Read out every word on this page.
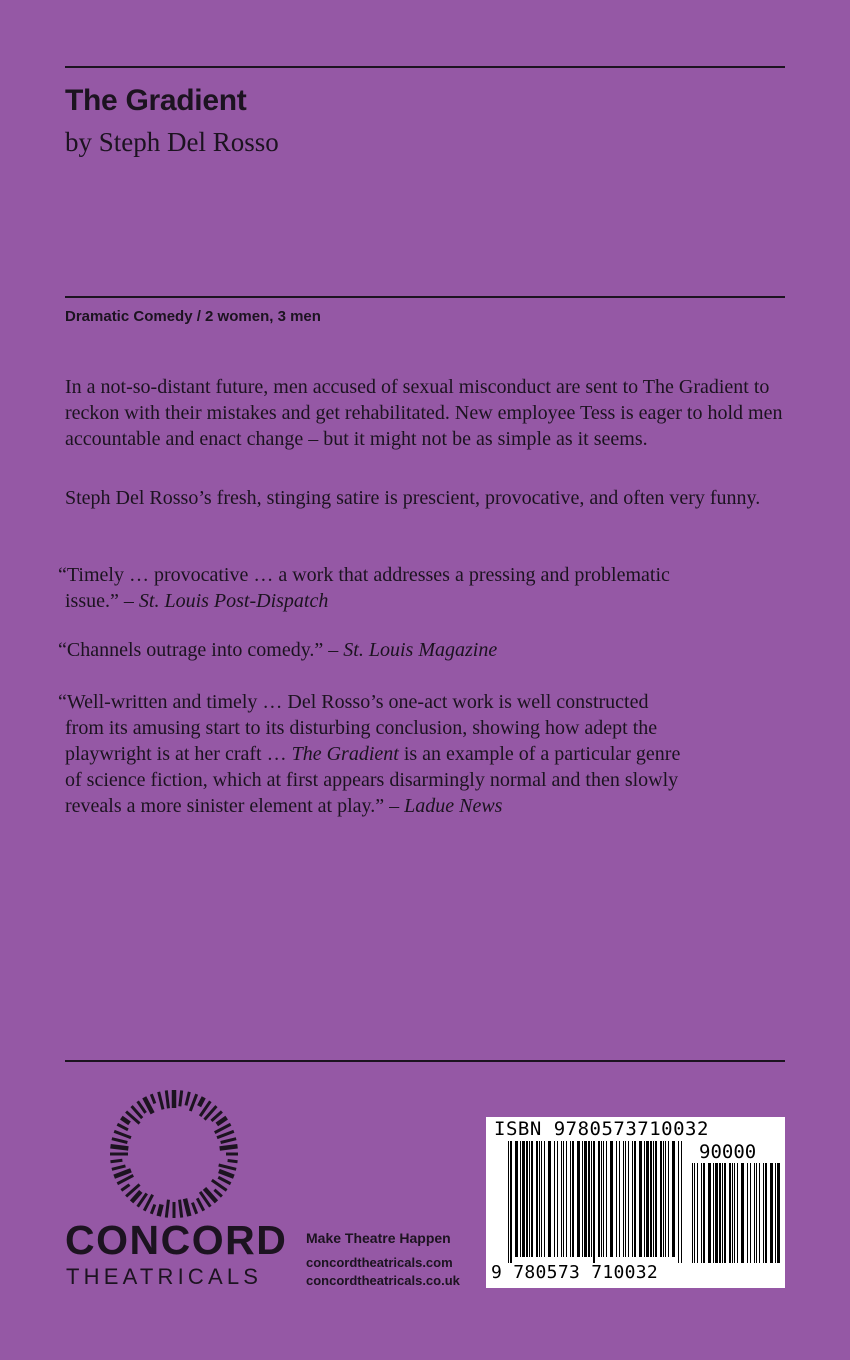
The Gradient

by Steph Del Rosso

Dramatic Comedy / 2 women, 3 men

In a not-so-distant future, men accused of sexual misconduct are sent to The Gradient to reckon with their mistakes and get rehabilitated. New employee Tess is eager to hold men accountable and enact change – but it might not be as simple as it seems.

Steph Del Rosso’s fresh, stinging satire is prescient, provocative, and often very funny.

“Timely … provocative … a work that addresses a pressing and problematic
issue.” – St. Louis Post-Dispatch

“Channels outrage into comedy.” – St. Louis Magazine

“Well-written and timely … Del Rosso’s one-act work is well constructed
from its amusing start to its disturbing conclusion, showing how adept the
playwright is at her craft … The Gradient is an example of a particular genre
of science fiction, which at first appears disarmingly normal and then slowly
reveals a more sinister element at play.” – Ladue News

CONCORD

THEATRICALS

Make Theatre Happen

concordtheatricals.com

concordtheatricals.co.uk

ISBN 9780573710032

90000

9 780573 710032
